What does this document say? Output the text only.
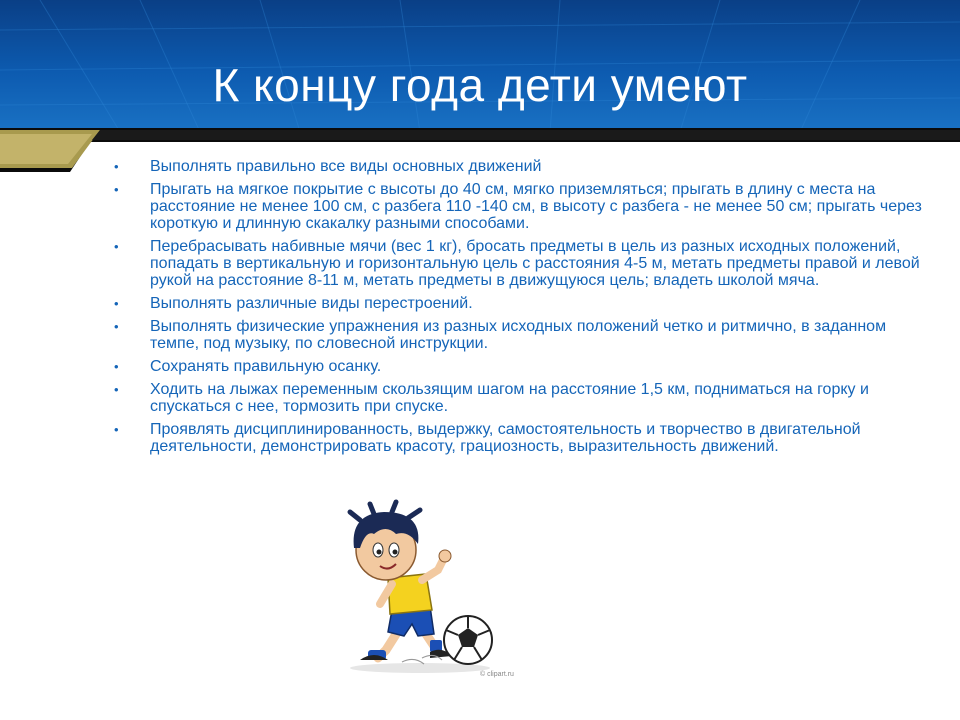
К концу года дети умеют
• Выполнять правильно все виды основных движений
• Прыгать на мягкое покрытие с высоты до 40 см, мягко приземляться; прыгать в длину с места на расстояние не менее 100 см, с разбега 110 -140 см, в высоту с разбега - не менее 50 см; прыгать через короткую и длинную скакалку разными способами.
• Перебрасывать набивные мячи (вес 1 кг), бросать предметы в цель из разных исходных положений, попадать в вертикальную и горизонтальную цель с расстояния 4-5 м, метать предметы правой и левой рукой на расстояние 8-11 м, метать предметы в движущуюся цель; владеть школой мяча.
• Выполнять различные виды перестроений.
• Выполнять физические упражнения из разных исходных положений четко и ритмично, в заданном темпе, под музыку, по словесной инструкции.
• Сохранять правильную осанку.
• Ходить на лыжах переменным скользящим шагом на расстояние 1,5 км, подниматься на горку и спускаться с нее, тормозить при спуске.
• Проявлять дисциплинированность, выдержку, самостоятельность и творчество в двигательной деятельности, демонстрировать красоту, грациозность, выразительность движений.
© clipart.ru
